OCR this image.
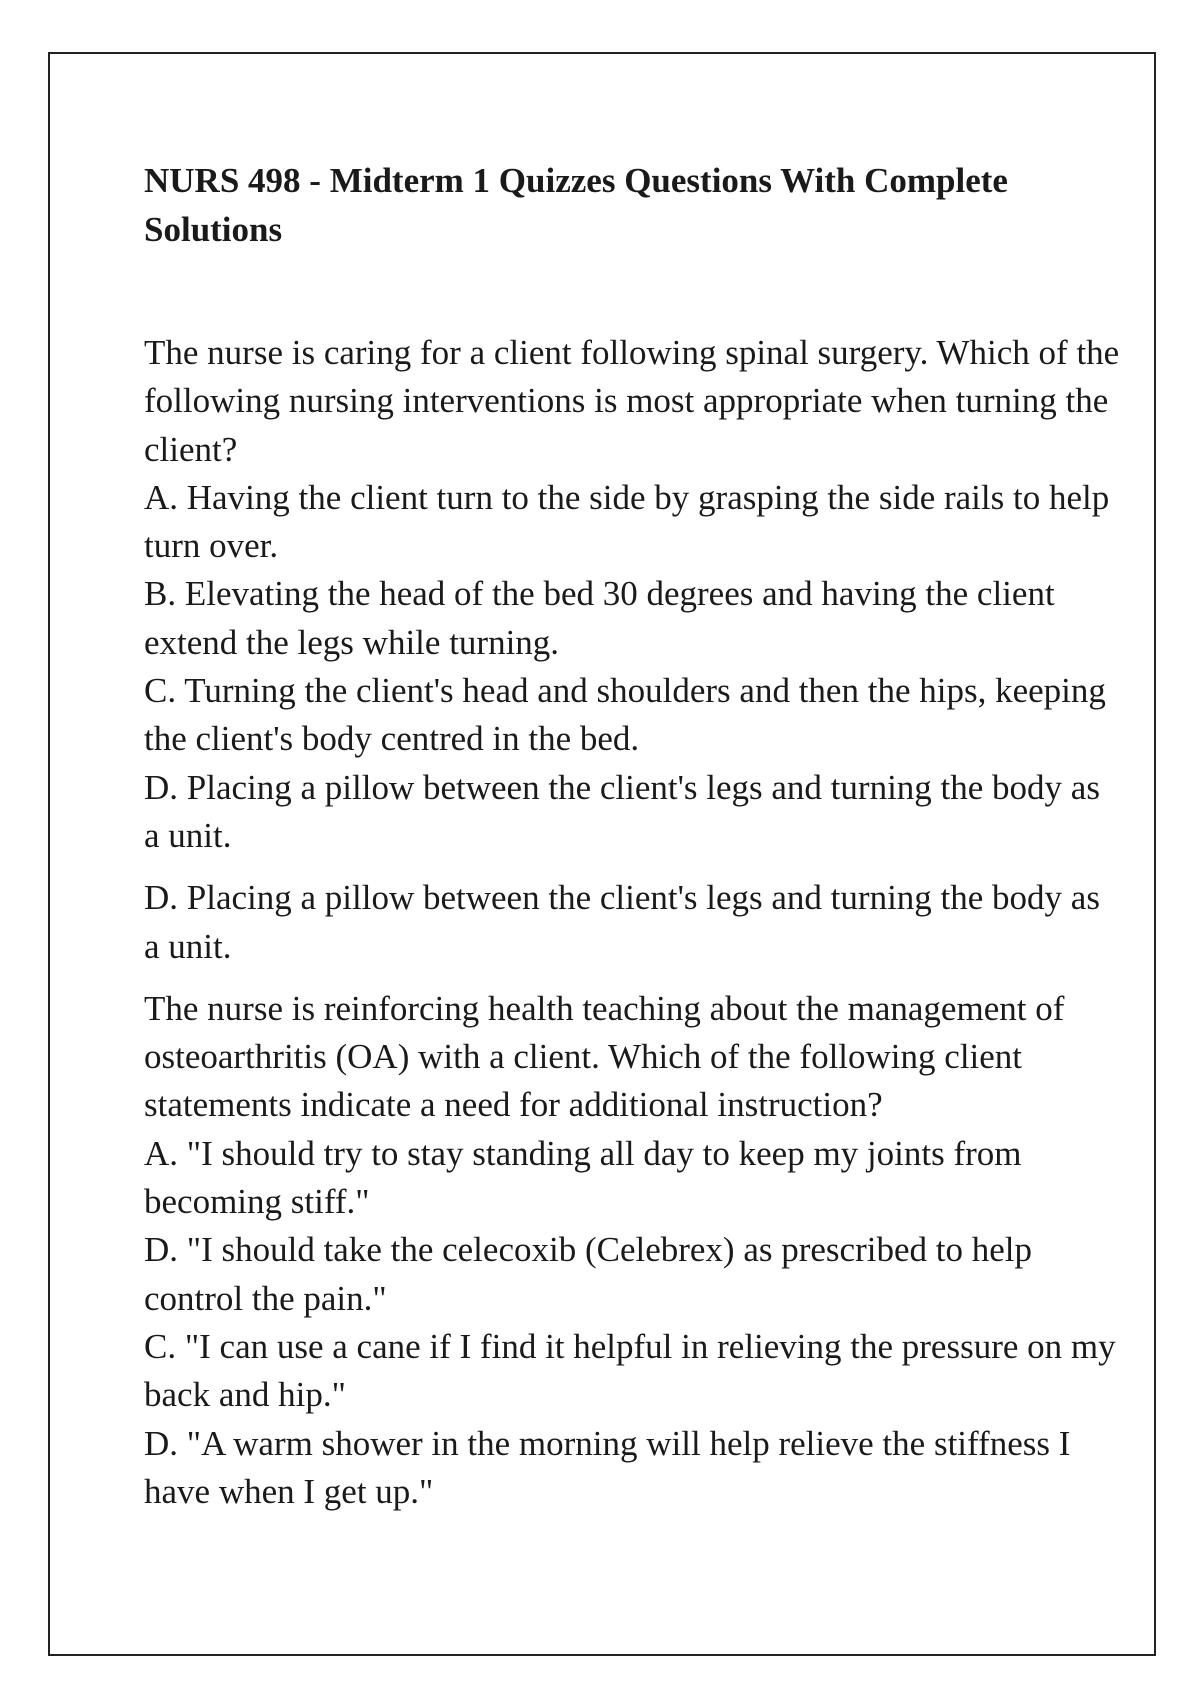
NURS 498 - Midterm 1 Quizzes Questions With Complete Solutions

The nurse is caring for a client following spinal surgery. Which of the following nursing interventions is most appropriate when turning the client?

A. Having the client turn to the side by grasping the side rails to help turn over.

B. Elevating the head of the bed 30 degrees and having the client extend the legs while turning.

C. Turning the client's head and shoulders and then the hips, keeping the client's body centred in the bed.

D. Placing a pillow between the client's legs and turning the body as a unit.

D. Placing a pillow between the client's legs and turning the body as a unit.

The nurse is reinforcing health teaching about the management of osteoarthritis (OA) with a client. Which of the following client statements indicate a need for additional instruction?

A. "I should try to stay standing all day to keep my joints from becoming stiff."

D. "I should take the celecoxib (Celebrex) as prescribed to help control the pain."

C. "I can use a cane if I find it helpful in relieving the pressure on my back and hip."

D. "A warm shower in the morning will help relieve the stiffness I have when I get up."
